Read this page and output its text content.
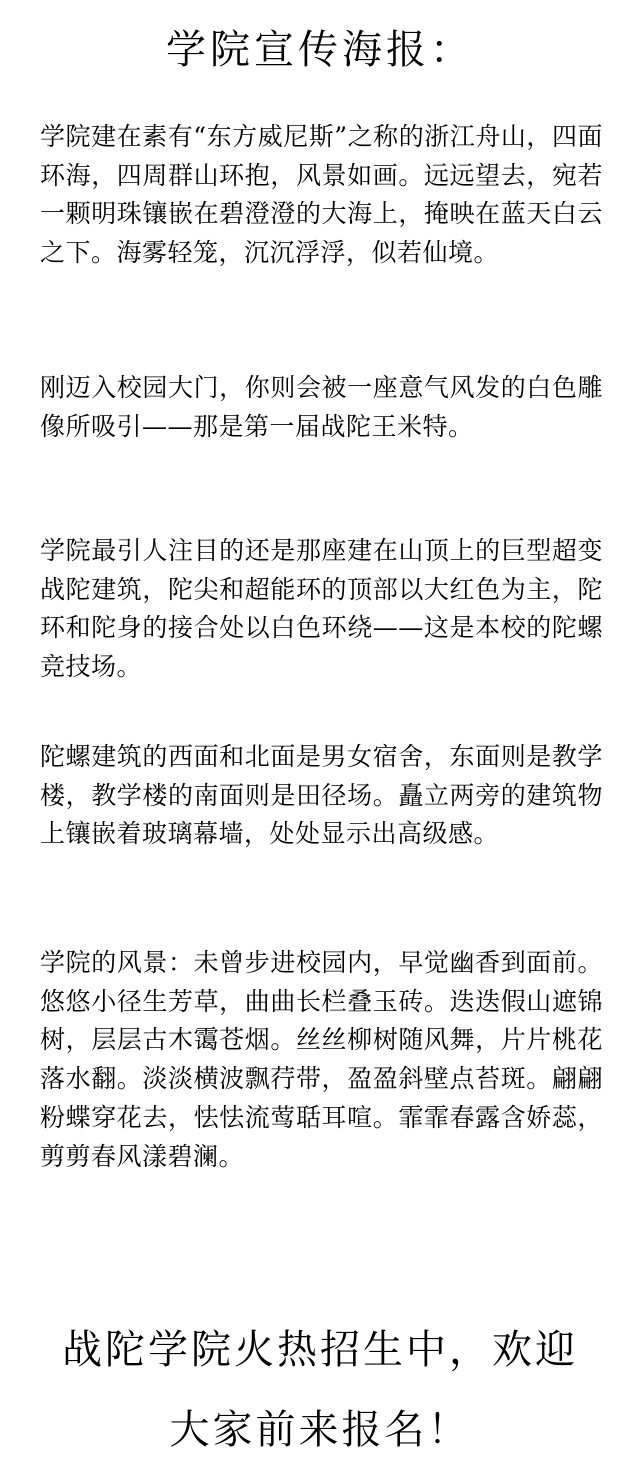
学院宣传海报：

学院建在素有“东方威尼斯”之称的浙江舟山，四面环海，四周群山环抱，风景如画。远远望去，宛若一颗明珠镶嵌在碧澄澄的大海上，掩映在蓝天白云之下。海雾轻笼，沉沉浮浮，似若仙境。

刚迈入校园大门，你则会被一座意气风发的白色雕像所吸引——那是第一届战陀王米特。

学院最引人注目的还是那座建在山顶上的巨型超变战陀建筑，陀尖和超能环的顶部以大红色为主，陀环和陀身的接合处以白色环绕——这是本校的陀螺竞技场。

陀螺建筑的西面和北面是男女宿舍，东面则是教学楼，教学楼的南面则是田径场。矗立两旁的建筑物上镶嵌着玻璃幕墙，处处显示出高级感。

学院的风景：未曾步进校园内，早觉幽香到面前。悠悠小径生芳草，曲曲长栏叠玉砖。迭迭假山遮锦树，层层古木霭苍烟。丝丝柳树随风舞，片片桃花落水翻。淡淡横波飘荇带，盈盈斜壁点苔斑。翩翩粉蝶穿花去，怯怯流莺聒耳喧。霏霏春露含娇蕊，剪剪春风漾碧澜。

战陀学院火热招生中，欢迎
大家前来报名！
